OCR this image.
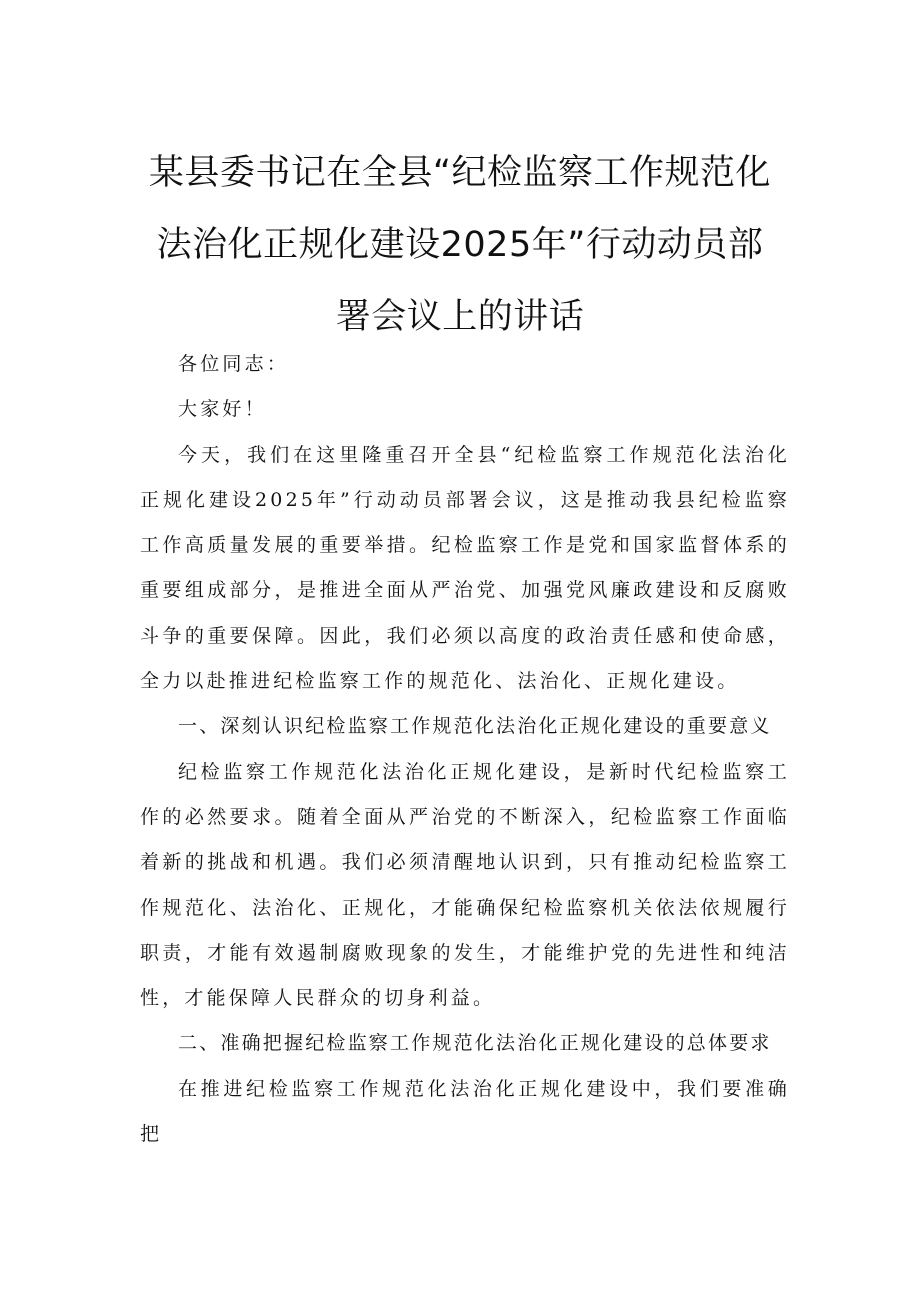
某县委书记在全县“纪检监察工作规范化法治化正规化建设2025年”行动动员部署会议上的讲话

各位同志：

大家好！

今天，我们在这里隆重召开全县“纪检监察工作规范化法治化正规化建设2025年”行动动员部署会议，这是推动我县纪检监察工作高质量发展的重要举措。纪检监察工作是党和国家监督体系的重要组成部分，是推进全面从严治党、加强党风廉政建设和反腐败斗争的重要保障。因此，我们必须以高度的政治责任感和使命感，全力以赴推进纪检监察工作的规范化、法治化、正规化建设。

一、深刻认识纪检监察工作规范化法治化正规化建设的重要意义

纪检监察工作规范化法治化正规化建设，是新时代纪检监察工作的必然要求。随着全面从严治党的不断深入，纪检监察工作面临着新的挑战和机遇。我们必须清醒地认识到，只有推动纪检监察工作规范化、法治化、正规化，才能确保纪检监察机关依法依规履行职责，才能有效遏制腐败现象的发生，才能维护党的先进性和纯洁性，才能保障人民群众的切身利益。

二、准确把握纪检监察工作规范化法治化正规化建设的总体要求

在推进纪检监察工作规范化法治化正规化建设中，我们要准确把
